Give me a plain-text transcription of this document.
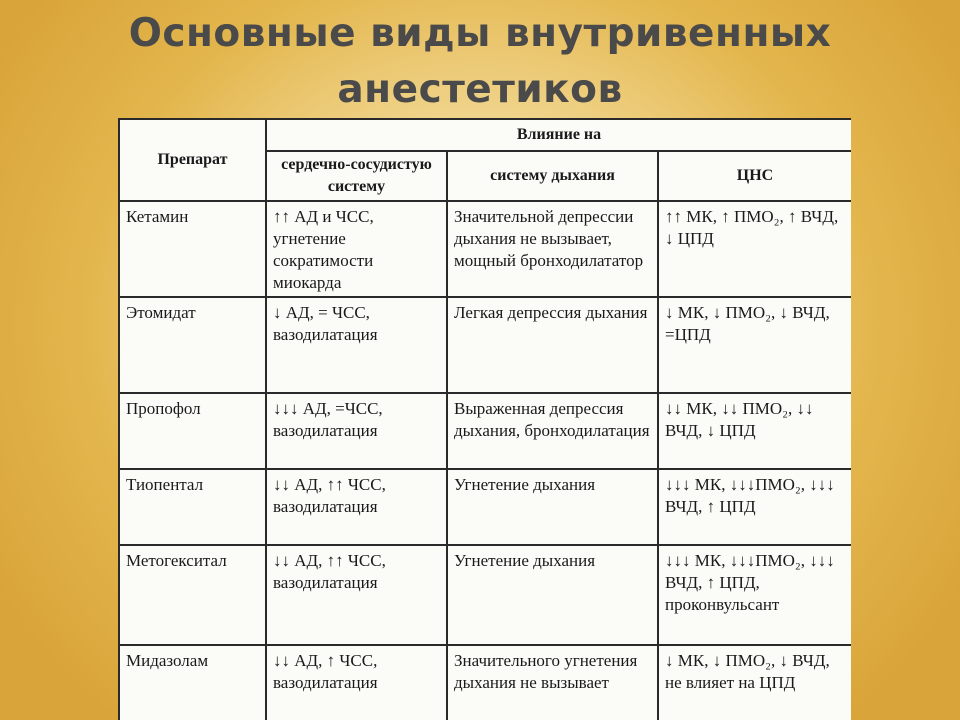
Основные виды внутривенных
анестетиков
Препарат	Влияние на		
	сердечно-сосудистую систему	систему дыхания	ЦНС
Кетамин	↑↑ АД и ЧСС, угнетение сократимости миокарда	Значительной депрессии дыхания не вызывает, мощный бронходилататор	↑↑ МК, ↑ ПМО₂, ↑ ВЧД, ↓ ЦПД
Этомидат	↓ АД, = ЧСС, вазодилатация	Легкая депрессия дыхания	↓ МК, ↓ ПМО₂, ↓ ВЧД, =ЦПД
Пропофол	↓↓↓ АД, =ЧСС, вазодилатация	Выраженная депрессия дыхания, бронходилатация	↓↓ МК, ↓↓ ПМО₂, ↓↓ ВЧД, ↓ ЦПД
Тиопентал	↓↓ АД, ↑↑ ЧСС, вазодилатация	Угнетение дыхания	↓↓↓ МК, ↓↓↓ПМО₂, ↓↓↓ ВЧД, ↑ ЦПД
Метогекситал	↓↓ АД, ↑↑ ЧСС, вазодилатация	Угнетение дыхания	↓↓↓ МК, ↓↓↓ПМО₂, ↓↓↓ ВЧД, ↑ ЦПД, проконвульсант
Мидазолам	↓↓ АД, ↑ ЧСС, вазодилатация	Значительного угнетения дыхания не вызывает	↓ МК, ↓ ПМО₂, ↓ ВЧД, не влияет на ЦПД
